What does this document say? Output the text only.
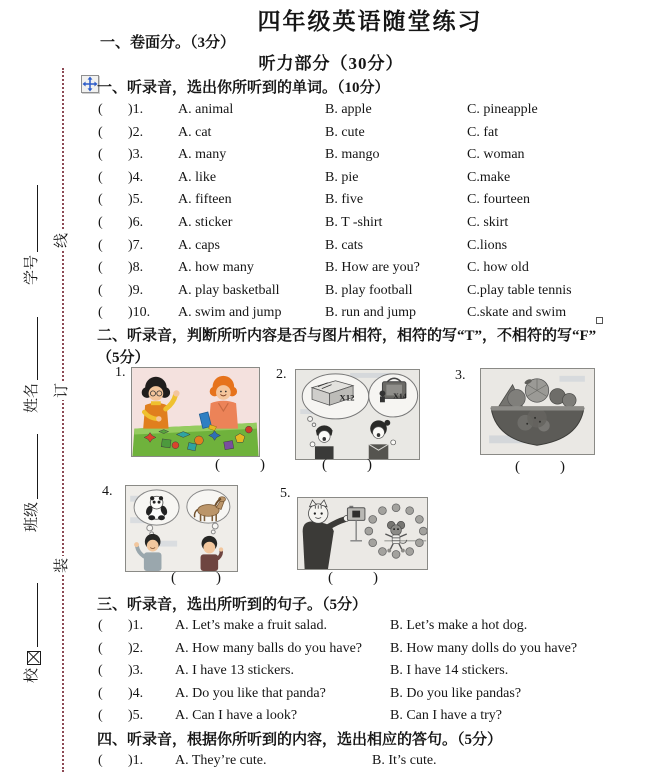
学号
姓名
班级
校
线
订
装
四年级英语随堂练习
一、卷面分。（3分）
听力部分（30分）
一、听录音，选出你所听到的单词。（10分）
( )1. A. animal	B. apple	C. pineapple
( )2. A. cat	B. cute	C. fat
( )3. A. many	B. mango	C. woman
( )4. A. like	B. pie	C.make
( )5. A. fifteen	B. five	C. fourteen
( )6. A. sticker	B. T -shirt	C. skirt
( )7. A. caps	B. cats	C.lions
( )8. A. how many	B. How are you?	C. how old
( )9. A. play basketball	B. play football	C.play table tennis
( )10. A. swim and jump	B. run and jump	C.skate and swim
二、听录音，判断所听内容是否与图片相符，相符的写“T”，不相符的写“F”
（5分）
1.	2.	3.
4.	5.
X12	X14
(	)	(	)	(	)
(	)	(	)
三、听录音，选出所听到的句子。（5分）
( )1. A. Let’s make a fruit salad.	B. Let’s make a hot dog.
( )2. A. How many balls do you have? B. How many dolls do you have?
( )3. A. I have 13 stickers.	B. I have 14 stickers.
( )4. A. Do you like that panda?	B. Do you like pandas?
( )5. A. Can I have a look?	B. Can I have a try?
四、听录音，根据你所听到的内容，选出相应的答句。（5分）
( )1. A. They’re cute.	B. It’s cute.
